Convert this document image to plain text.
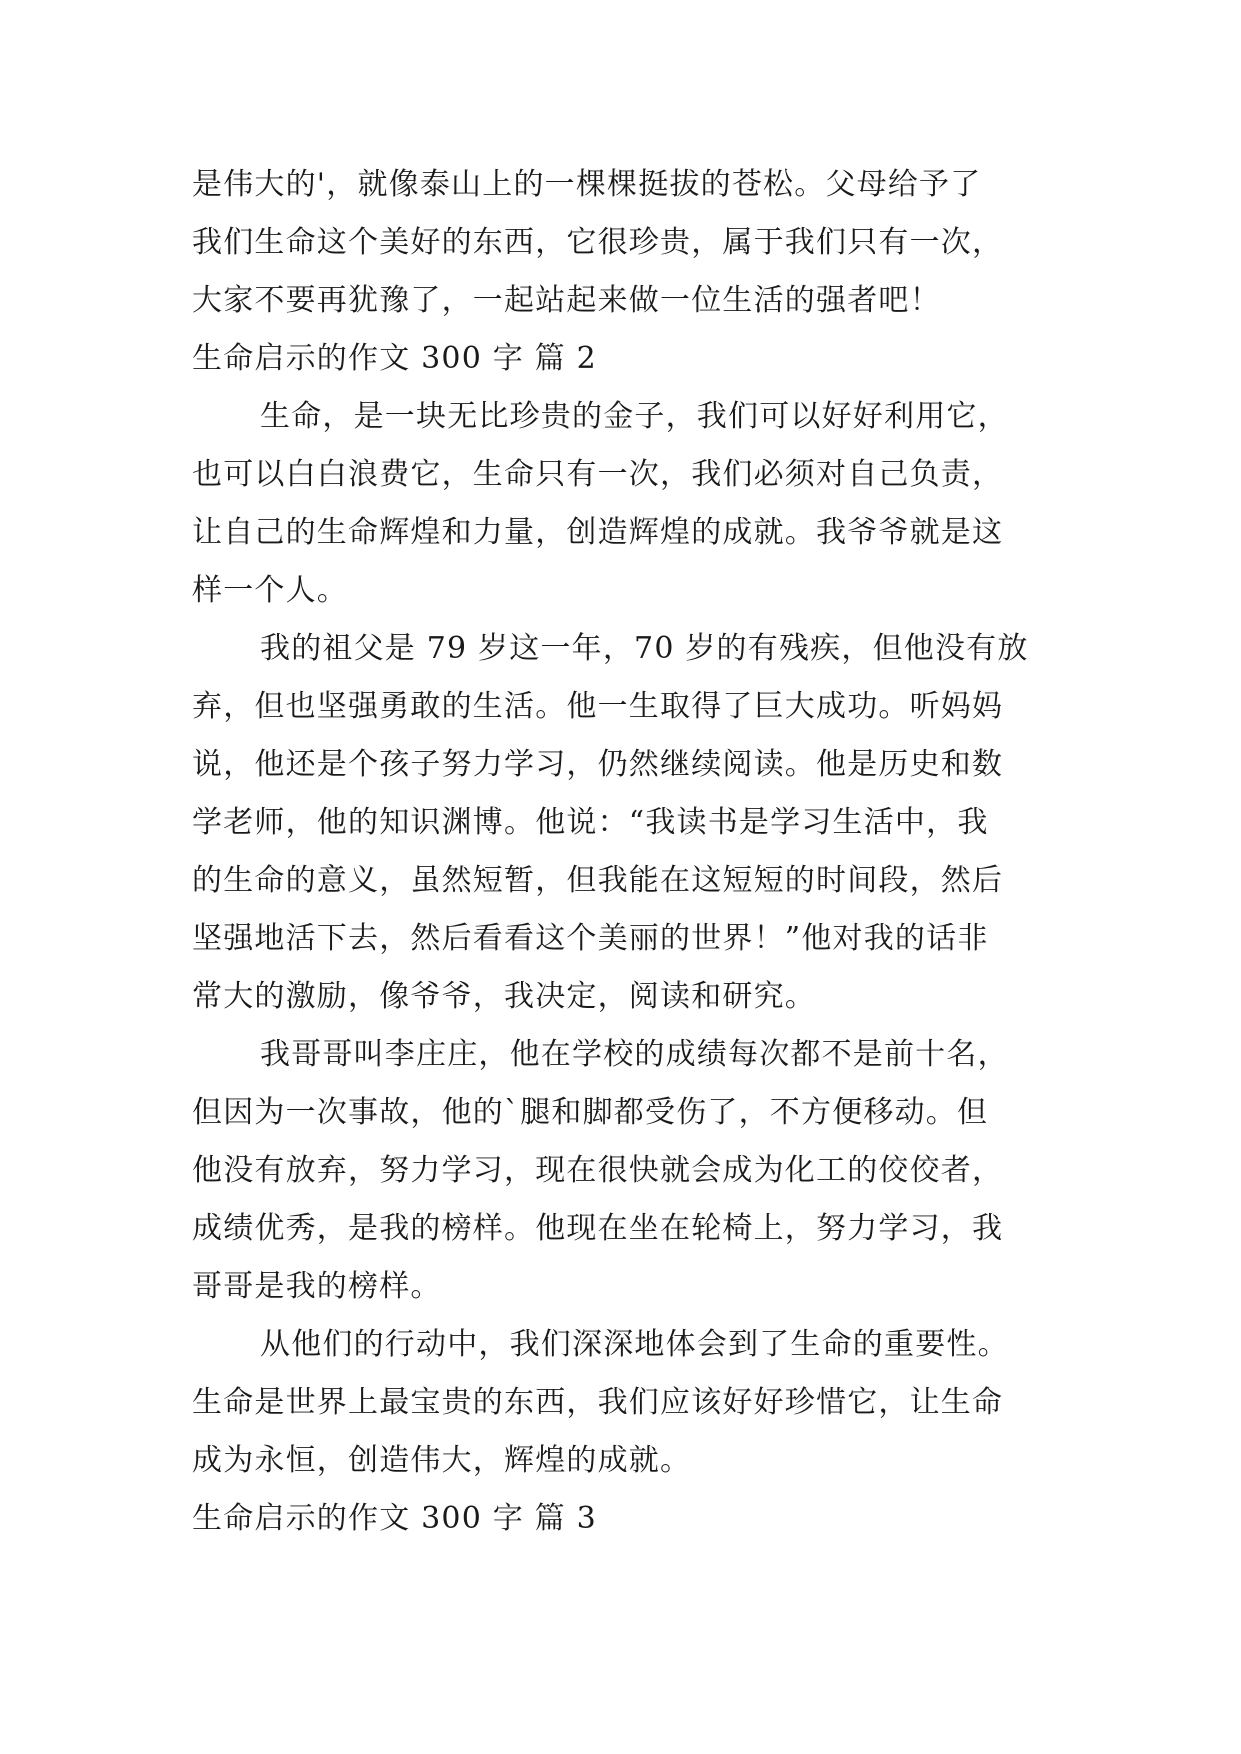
是伟大的'，就像泰山上的一棵棵挺拔的苍松。父母给予了
我们生命这个美好的东西，它很珍贵，属于我们只有一次，
大家不要再犹豫了，一起站起来做一位生活的强者吧！
生命启示的作文 300 字 篇 2
生命，是一块无比珍贵的金子，我们可以好好利用它，
也可以白白浪费它，生命只有一次，我们必须对自己负责，
让自己的生命辉煌和力量，创造辉煌的成就。我爷爷就是这
样一个人。
我的祖父是 79 岁这一年，70 岁的有残疾，但他没有放
弃，但也坚强勇敢的生活。他一生取得了巨大成功。听妈妈
说，他还是个孩子努力学习，仍然继续阅读。他是历史和数
学老师，他的知识渊博。他说：“我读书是学习生活中，我
的生命的意义，虽然短暂，但我能在这短短的时间段，然后
坚强地活下去，然后看看这个美丽的世界！”他对我的话非
常大的激励，像爷爷，我决定，阅读和研究。
我哥哥叫李庄庄，他在学校的成绩每次都不是前十名，
但因为一次事故，他的`腿和脚都受伤了，不方便移动。但
他没有放弃，努力学习，现在很快就会成为化工的佼佼者，
成绩优秀，是我的榜样。他现在坐在轮椅上，努力学习，我
哥哥是我的榜样。
从他们的行动中，我们深深地体会到了生命的重要性。
生命是世界上最宝贵的东西，我们应该好好珍惜它，让生命
成为永恒，创造伟大，辉煌的成就。
生命启示的作文 300 字 篇 3
